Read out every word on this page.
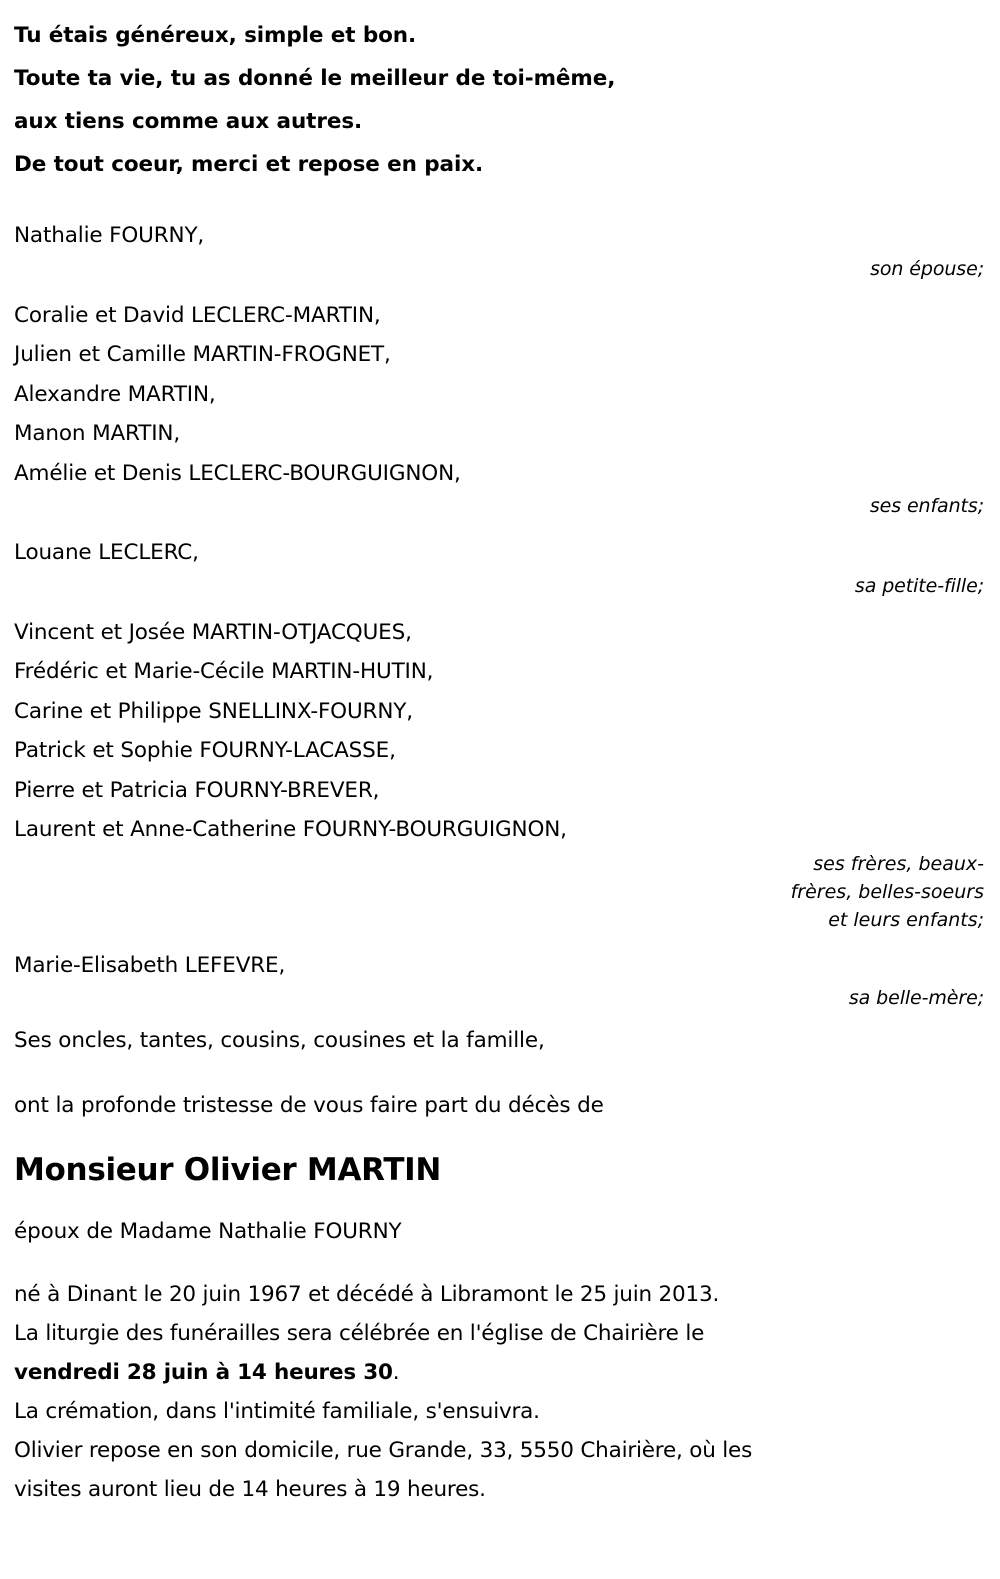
Tu étais généreux, simple et bon.
Toute ta vie, tu as donné le meilleur de toi-même,
aux tiens comme aux autres.
De tout coeur, merci et repose en paix.
Nathalie FOURNY,
son épouse;
Coralie et David LECLERC-MARTIN,
Julien et Camille MARTIN-FROGNET,
Alexandre MARTIN,
Manon MARTIN,
Amélie et Denis LECLERC-BOURGUIGNON,
ses enfants;
Louane LECLERC,
sa petite-fille;
Vincent et Josée MARTIN-OTJACQUES,
Frédéric et Marie-Cécile MARTIN-HUTIN,
Carine et Philippe SNELLINX-FOURNY,
Patrick et Sophie FOURNY-LACASSE,
Pierre et Patricia FOURNY-BREVER,
Laurent et Anne-Catherine FOURNY-BOURGUIGNON,
ses frères, beaux-
frères, belles-soeurs
et leurs enfants;
Marie-Elisabeth LEFEVRE,
sa belle-mère;
Ses oncles, tantes, cousins, cousines et la famille,
ont la profonde tristesse de vous faire part du décès de
Monsieur Olivier MARTIN
époux de Madame Nathalie FOURNY
né à Dinant le 20 juin 1967 et décédé à Libramont le 25 juin 2013.
La liturgie des funérailles sera célébrée en l'église de Chairière le
vendredi 28 juin à 14 heures 30.
La crémation, dans l'intimité familiale, s'ensuivra.
Olivier repose en son domicile, rue Grande, 33, 5550 Chairière, où les
visites auront lieu de 14 heures à 19 heures.
